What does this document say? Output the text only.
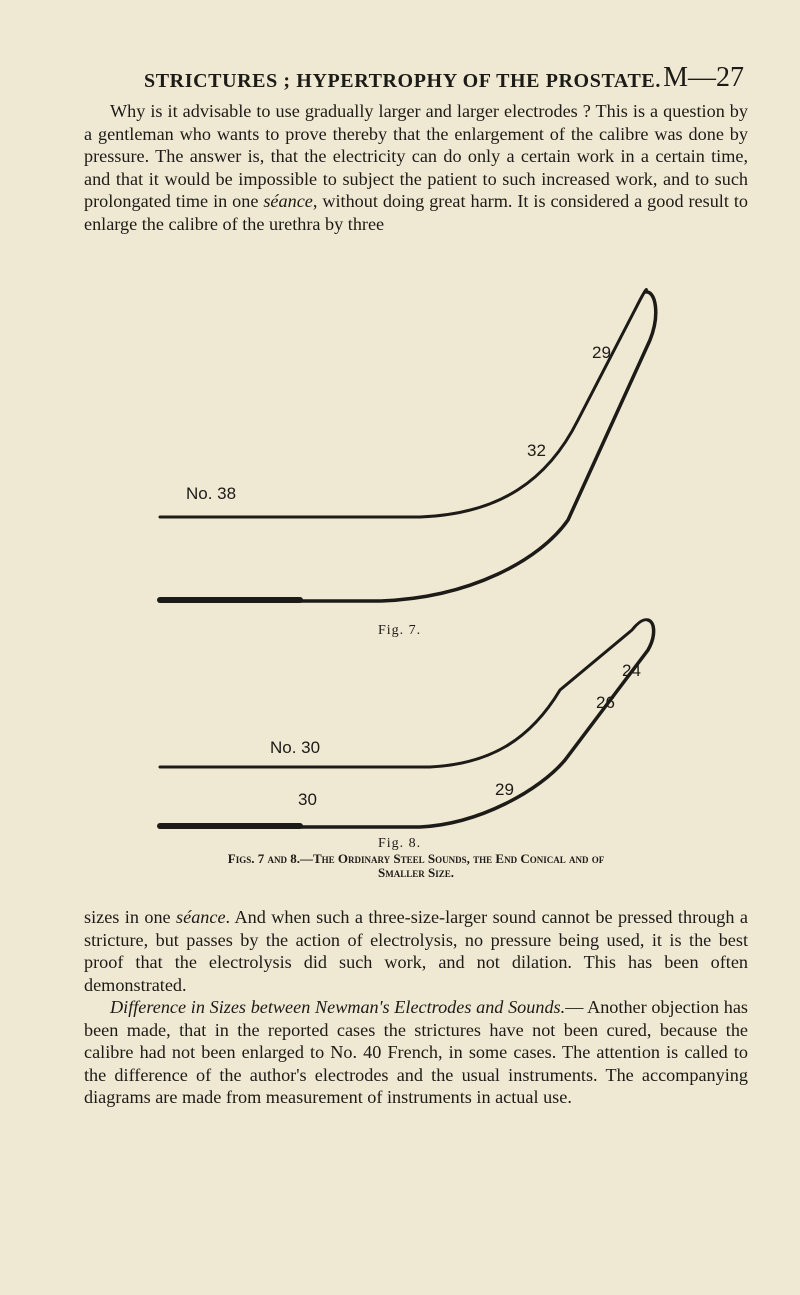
STRICTURES ; HYPERTROPHY OF THE PROSTATE. M—27

Why is it advisable to use gradually larger and larger electrodes ? This is a question by a gentleman who wants to prove thereby that the enlargement of the calibre was done by pressure. The answer is, that the electricity can do only a certain work in a certain time, and that it would be impossible to subject the patient to such increased work, and to such prolongated time in one séance, without doing great harm. It is considered a good result to enlarge the calibre of the urethra by three

29
32
No. 38
Fig. 7.
24
26
No. 30
29
30
Fig. 8.
Figs. 7 and 8.—The Ordinary Steel Sounds, the End Conical and of
Smaller Size.

sizes in one séance. And when such a three-size-larger sound cannot be pressed through a stricture, but passes by the action of electrolysis, no pressure being used, it is the best proof that the electrolysis did such work, and not dilation. This has been often demonstrated.

Difference in Sizes between Newman's Electrodes and Sounds.— Another objection has been made, that in the reported cases the strictures have not been cured, because the calibre had not been enlarged to No. 40 French, in some cases. The attention is called to the difference of the author's electrodes and the usual instruments. The accompanying diagrams are made from measurement of instruments in actual use.
